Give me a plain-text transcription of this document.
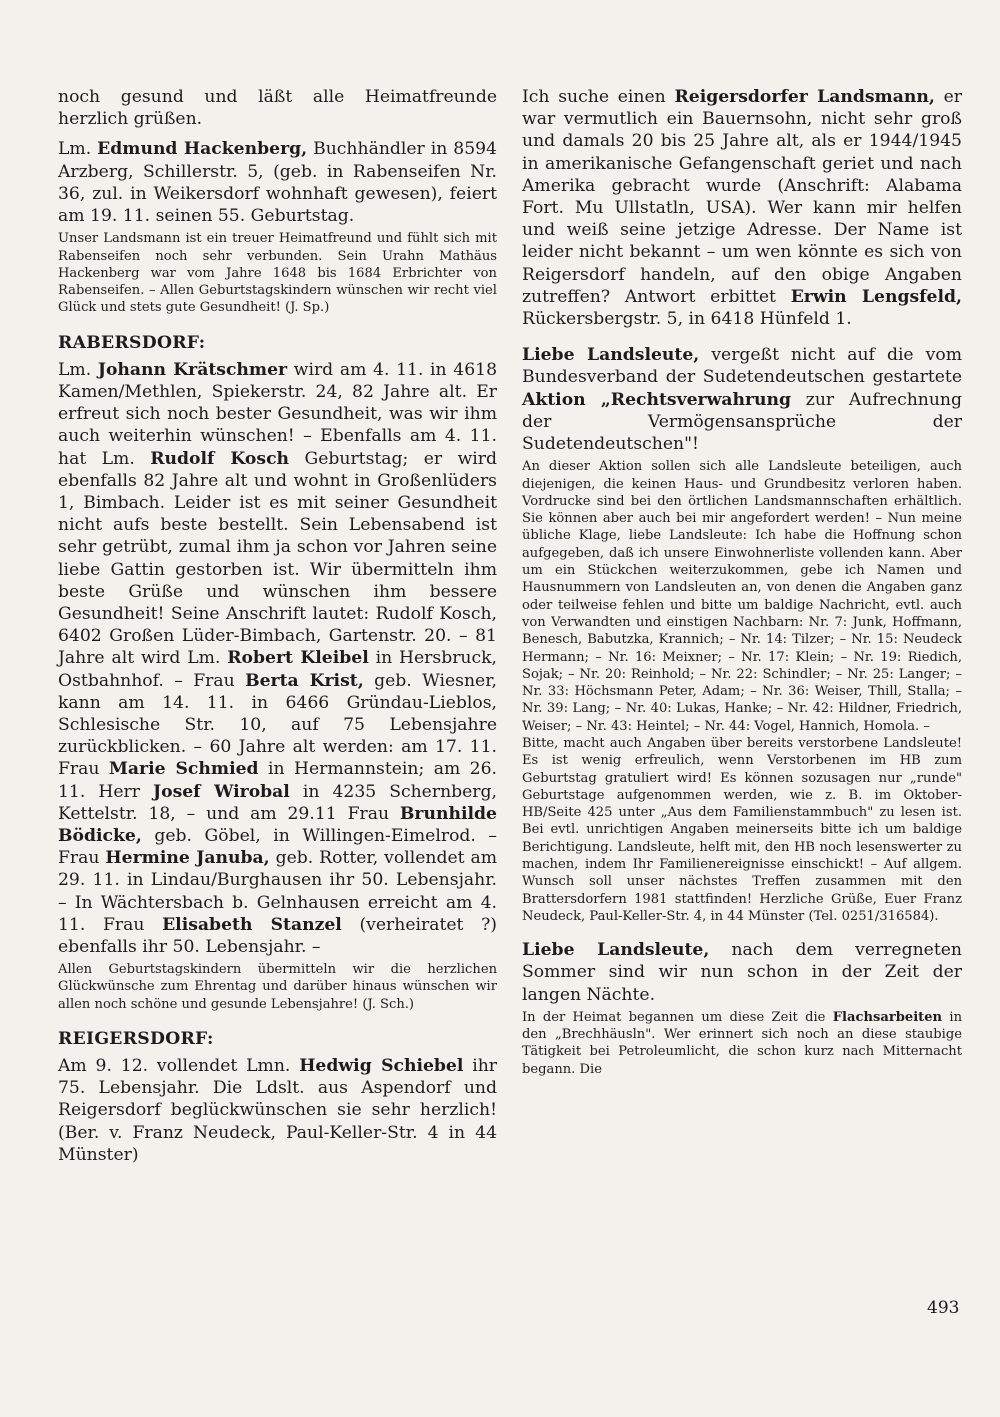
noch gesund und läßt alle Heimatfreunde herzlich grüßen.

Lm. Edmund Hackenberg, Buchhändler in 8594 Arzberg, Schillerstr. 5, (geb. in Rabenseifen Nr. 36, zul. in Weikersdorf wohnhaft gewesen), feiert am 19. 11. seinen 55. Geburtstag.

Unser Landsmann ist ein treuer Heimatfreund und fühlt sich mit Rabenseifen noch sehr verbunden. Sein Urahn Mathäus Hackenberg war vom Jahre 1648 bis 1684 Erbrichter von Rabenseifen. – Allen Geburtstagskindern wünschen wir recht viel Glück und stets gute Gesundheit! (J. Sp.)

RABERSDORF:

Lm. Johann Krätschmer wird am 4. 11. in 4618 Kamen/Methlen, Spiekerstr. 24, 82 Jahre alt. Er erfreut sich noch bester Gesundheit, was wir ihm auch weiterhin wünschen! – Ebenfalls am 4. 11. hat Lm. Rudolf Kosch Geburtstag; er wird ebenfalls 82 Jahre alt und wohnt in Großenlüders 1, Bimbach. Leider ist es mit seiner Gesundheit nicht aufs beste bestellt. Sein Lebensabend ist sehr getrübt, zumal ihm ja schon vor Jahren seine liebe Gattin gestorben ist. Wir übermitteln ihm beste Grüße und wünschen ihm bessere Gesundheit! Seine Anschrift lautet: Rudolf Kosch, 6402 Großen Lüder-Bimbach, Gartenstr. 20. – 81 Jahre alt wird Lm. Robert Kleibel in Hersbruck, Ostbahnhof. – Frau Berta Krist, geb. Wiesner, kann am 14. 11. in 6466 Gründau-Lieblos, Schlesische Str. 10, auf 75 Lebensjahre zurückblicken. – 60 Jahre alt werden: am 17. 11. Frau Marie Schmied in Hermannstein; am 26. 11. Herr Josef Wirobal in 4235 Schernberg, Kettelstr. 18, – und am 29.11 Frau Brunhilde Bödicke, geb. Göbel, in Willingen-Eimelrod. – Frau Hermine Januba, geb. Rotter, vollendet am 29. 11. in Lindau/Burghausen ihr 50. Lebensjahr. – In Wächtersbach b. Gelnhausen erreicht am 4. 11. Frau Elisabeth Stanzel (verheiratet ?) ebenfalls ihr 50. Lebensjahr. –

Allen Geburtstagskindern übermitteln wir die herzlichen Glückwünsche zum Ehrentag und darüber hinaus wünschen wir allen noch schöne und gesunde Lebensjahre! (J. Sch.)

REIGERSDORF:

Am 9. 12. vollendet Lmn. Hedwig Schiebel ihr 75. Lebensjahr. Die Ldslt. aus Aspendorf und Reigersdorf beglückwünschen sie sehr herzlich! (Ber. v. Franz Neudeck, Paul-Keller-Str. 4 in 44 Münster)

Ich suche einen Reigersdorfer Landsmann, er war vermutlich ein Bauernsohn, nicht sehr groß und damals 20 bis 25 Jahre alt, als er 1944/1945 in amerikanische Gefangenschaft geriet und nach Amerika gebracht wurde (Anschrift: Alabama Fort. Mu Ullstatln, USA). Wer kann mir helfen und weiß seine jetzige Adresse. Der Name ist leider nicht bekannt – um wen könnte es sich von Reigersdorf handeln, auf den obige Angaben zutreffen? Antwort erbittet Erwin Lengsfeld, Rückersbergstr. 5, in 6418 Hünfeld 1.

Liebe Landsleute, vergeßt nicht auf die vom Bundesverband der Sudetendeutschen gestartete Aktion „Rechtsverwahrung zur Aufrechnung der Vermögensansprüche der Sudetendeutschen"!

An dieser Aktion sollen sich alle Landsleute beteiligen, auch diejenigen, die keinen Haus- und Grundbesitz verloren haben. Vordrucke sind bei den örtlichen Landsmannschaften erhältlich. Sie können aber auch bei mir angefordert werden! – Nun meine übliche Klage, liebe Landsleute: Ich habe die Hoffnung schon aufgegeben, daß ich unsere Einwohnerliste vollenden kann. Aber um ein Stückchen weiterzukommen, gebe ich Namen und Hausnummern von Landsleuten an, von denen die Angaben ganz oder teilweise fehlen und bitte um baldige Nachricht, evtl. auch von Verwandten und einstigen Nachbarn: Nr. 7: Junk, Hoffmann, Benesch, Babutzka, Krannich; – Nr. 14: Tilzer; – Nr. 15: Neudeck Hermann; – Nr. 16: Meixner; – Nr. 17: Klein; – Nr. 19: Riedich, Sojak; – Nr. 20: Reinhold; – Nr. 22: Schindler; – Nr. 25: Langer; – Nr. 33: Höchsmann Peter, Adam; – Nr. 36: Weiser, Thill, Stalla; – Nr. 39: Lang; – Nr. 40: Lukas, Hanke; – Nr. 42: Hildner, Friedrich, Weiser; – Nr. 43: Heintel; – Nr. 44: Vogel, Hannich, Homola. –

Bitte, macht auch Angaben über bereits verstorbene Landsleute! Es ist wenig erfreulich, wenn Verstorbenen im HB zum Geburtstag gratuliert wird! Es können sozusagen nur „runde" Geburtstage aufgenommen werden, wie z. B. im Oktober-HB/Seite 425 unter „Aus dem Familienstammbuch" zu lesen ist. Bei evtl. unrichtigen Angaben meinerseits bitte ich um baldige Berichtigung. Landsleute, helft mit, den HB noch lesenswerter zu machen, indem Ihr Familienereignisse einschickt! – Auf allgem. Wunsch soll unser nächstes Treffen zusammen mit den Brattersdorfern 1981 stattfinden! Herzliche Grüße, Euer Franz Neudeck, Paul-Keller-Str. 4, in 44 Münster (Tel. 0251/316584).

Liebe Landsleute, nach dem verregneten Sommer sind wir nun schon in der Zeit der langen Nächte.

In der Heimat begannen um diese Zeit die Flachsarbeiten in den „Brechhäusln". Wer erinnert sich noch an diese staubige Tätigkeit bei Petroleumlicht, die schon kurz nach Mitternacht begann. Die

493
